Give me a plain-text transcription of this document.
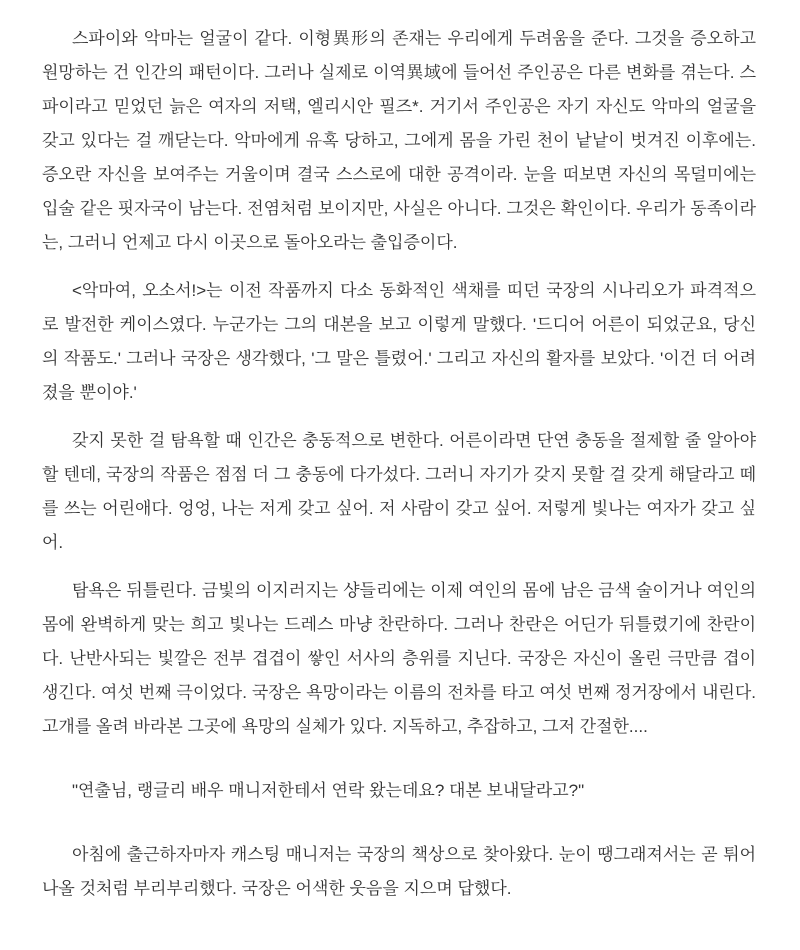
스파이와 악마는 얼굴이 같다. 이형異形의 존재는 우리에게 두려움을 준다. 그것을 증오하고 원망하는 건 인간의 패턴이다. 그러나 실제로 이역異域에 들어선 주인공은 다른 변화를 겪는다. 스파이라고 믿었던 늙은 여자의 저택, 엘리시안 필즈*. 거기서 주인공은 자기 자신도 악마의 얼굴을 갖고 있다는 걸 깨닫는다. 악마에게 유혹 당하고, 그에게 몸을 가린 천이 낱낱이 벗겨진 이후에는. 증오란 자신을 보여주는 거울이며 결국 스스로에 대한 공격이라. 눈을 떠보면 자신의 목덜미에는 입술 같은 핏자국이 남는다. 전염처럼 보이지만, 사실은 아니다. 그것은 확인이다. 우리가 동족이라는, 그러니 언제고 다시 이곳으로 돌아오라는 출입증이다.

<악마여, 오소서!>는 이전 작품까지 다소 동화적인 색채를 띠던 국장의 시나리오가 파격적으로 발전한 케이스였다. 누군가는 그의 대본을 보고 이렇게 말했다. '드디어 어른이 되었군요, 당신의 작품도.' 그러나 국장은 생각했다, '그 말은 틀렸어.' 그리고 자신의 활자를 보았다. '이건 더 어려졌을 뿐이야.'

갖지 못한 걸 탐욕할 때 인간은 충동적으로 변한다. 어른이라면 단연 충동을 절제할 줄 알아야 할 텐데, 국장의 작품은 점점 더 그 충동에 다가섰다. 그러니 자기가 갖지 못할 걸 갖게 해달라고 떼를 쓰는 어린애다. 엉엉, 나는 저게 갖고 싶어. 저 사람이 갖고 싶어. 저렇게 빛나는 여자가 갖고 싶어.

탐욕은 뒤틀린다. 금빛의 이지러지는 샹들리에는 이제 여인의 몸에 남은 금색 술이거나 여인의 몸에 완벽하게 맞는 희고 빛나는 드레스 마냥 찬란하다. 그러나 찬란은 어딘가 뒤틀렸기에 찬란이다. 난반사되는 빛깔은 전부 겹겹이 쌓인 서사의 층위를 지닌다. 국장은 자신이 올린 극만큼 겹이 생긴다. 여섯 번째 극이었다. 국장은 욕망이라는 이름의 전차를 타고 여섯 번째 정거장에서 내린다. 고개를 올려 바라본 그곳에 욕망의 실체가 있다. 지독하고, 추잡하고, 그저 간절한....

"연출님, 랭글리 배우 매니저한테서 연락 왔는데요? 대본 보내달라고?"

아침에 출근하자마자 캐스팅 매니저는 국장의 책상으로 찾아왔다. 눈이 땡그래져서는 곧 튀어나올 것처럼 부리부리했다. 국장은 어색한 웃음을 지으며 답했다.
